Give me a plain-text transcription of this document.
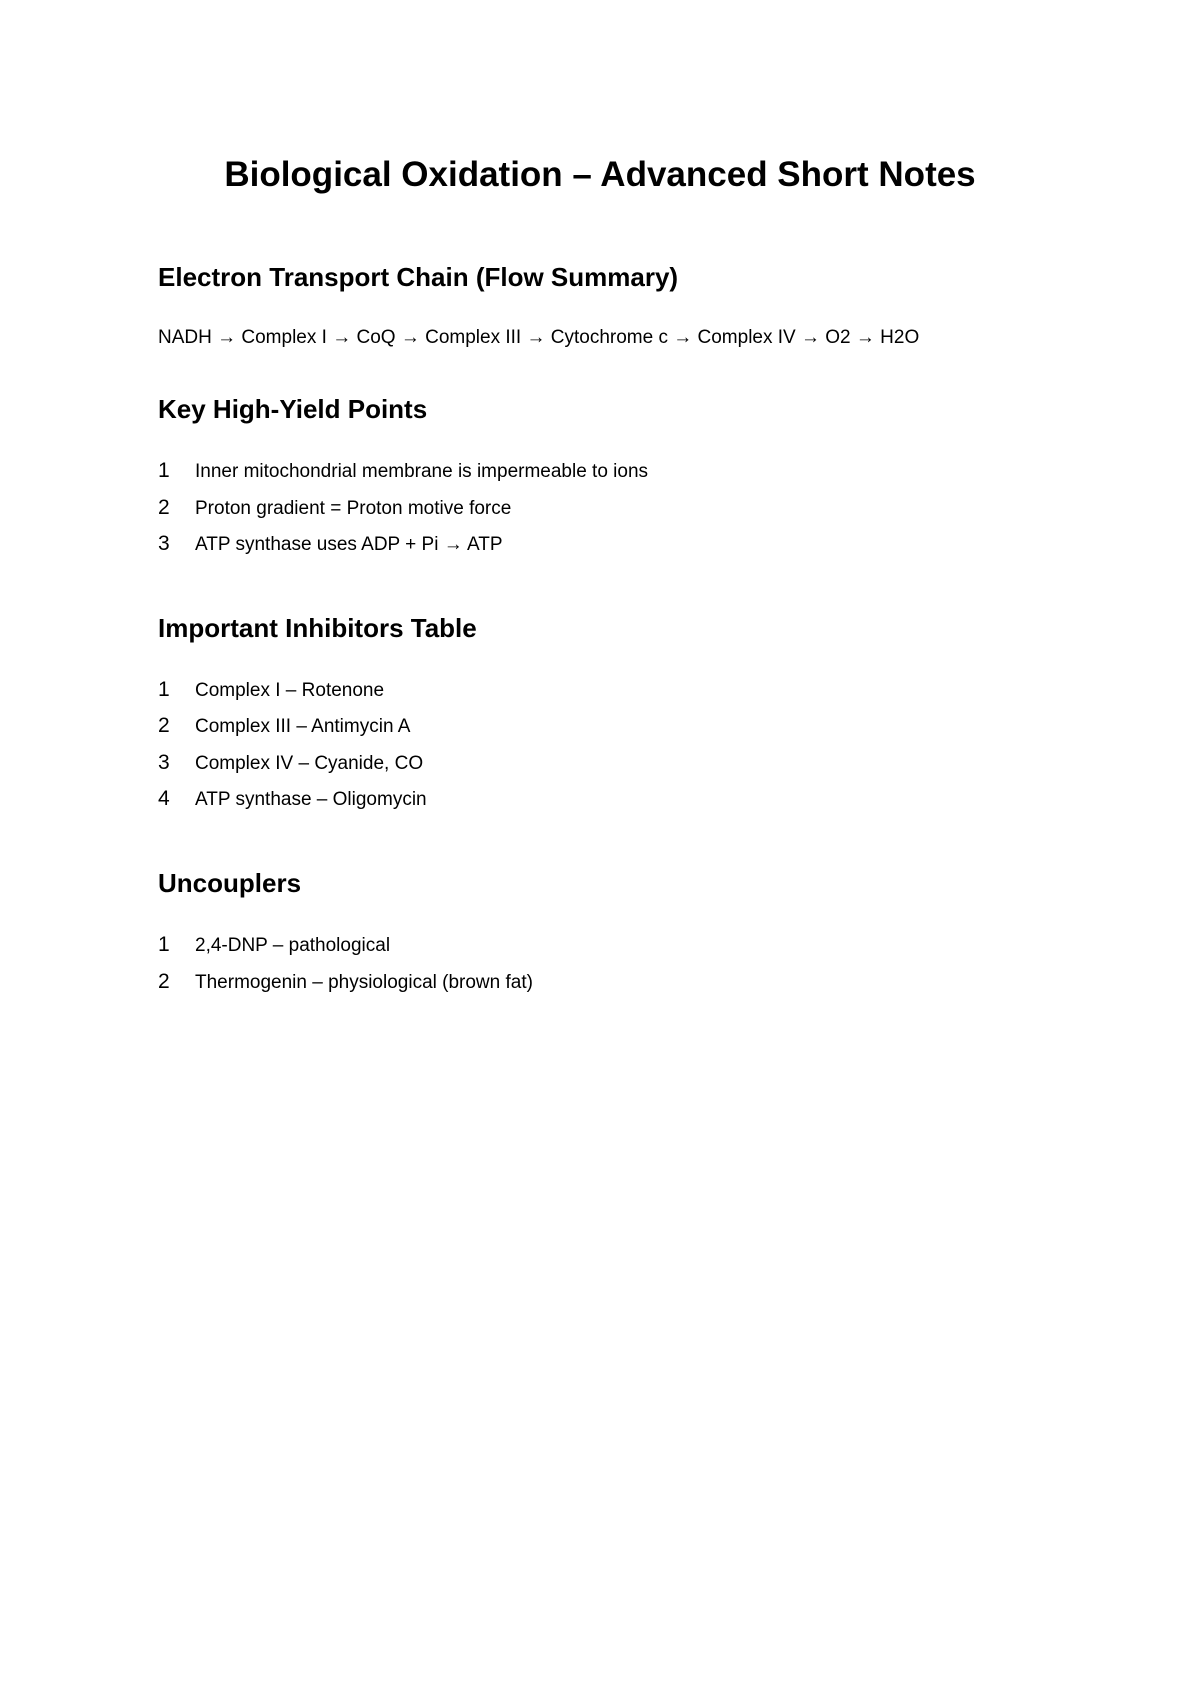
Biological Oxidation – Advanced Short Notes
Electron Transport Chain (Flow Summary)

NADH → Complex I → CoQ → Complex III → Cytochrome c → Complex IV → O2 → H2O

Key High-Yield Points
1	Inner mitochondrial membrane is impermeable to ions
2	Proton gradient = Proton motive force
3	ATP synthase uses ADP + Pi → ATP
Important Inhibitors Table
1	Complex I – Rotenone
2	Complex III – Antimycin A
3	Complex IV – Cyanide, CO
4	ATP synthase – Oligomycin
Uncouplers
1	2,4-DNP – pathological
2	Thermogenin – physiological (brown fat)
